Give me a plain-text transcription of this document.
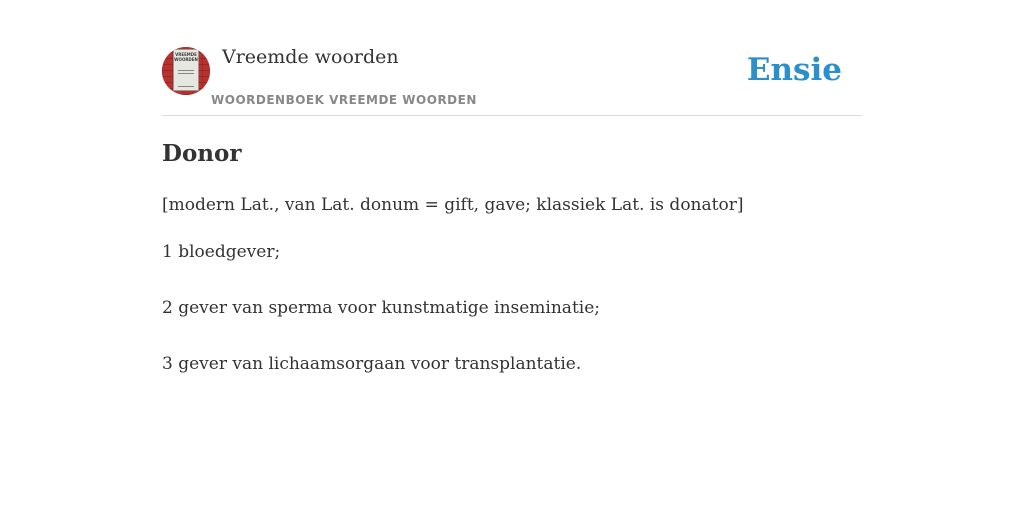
VREEMDE WOORDEN Vreemde woorden
WOORDENBOEK VREEMDE WOORDEN
Ensie
Donor

[modern Lat., van Lat. donum = gift, gave; klassiek Lat. is donator]

1 bloedgever;

2 gever van sperma voor kunstmatige inseminatie;

3 gever van lichaamsorgaan voor transplantatie.
